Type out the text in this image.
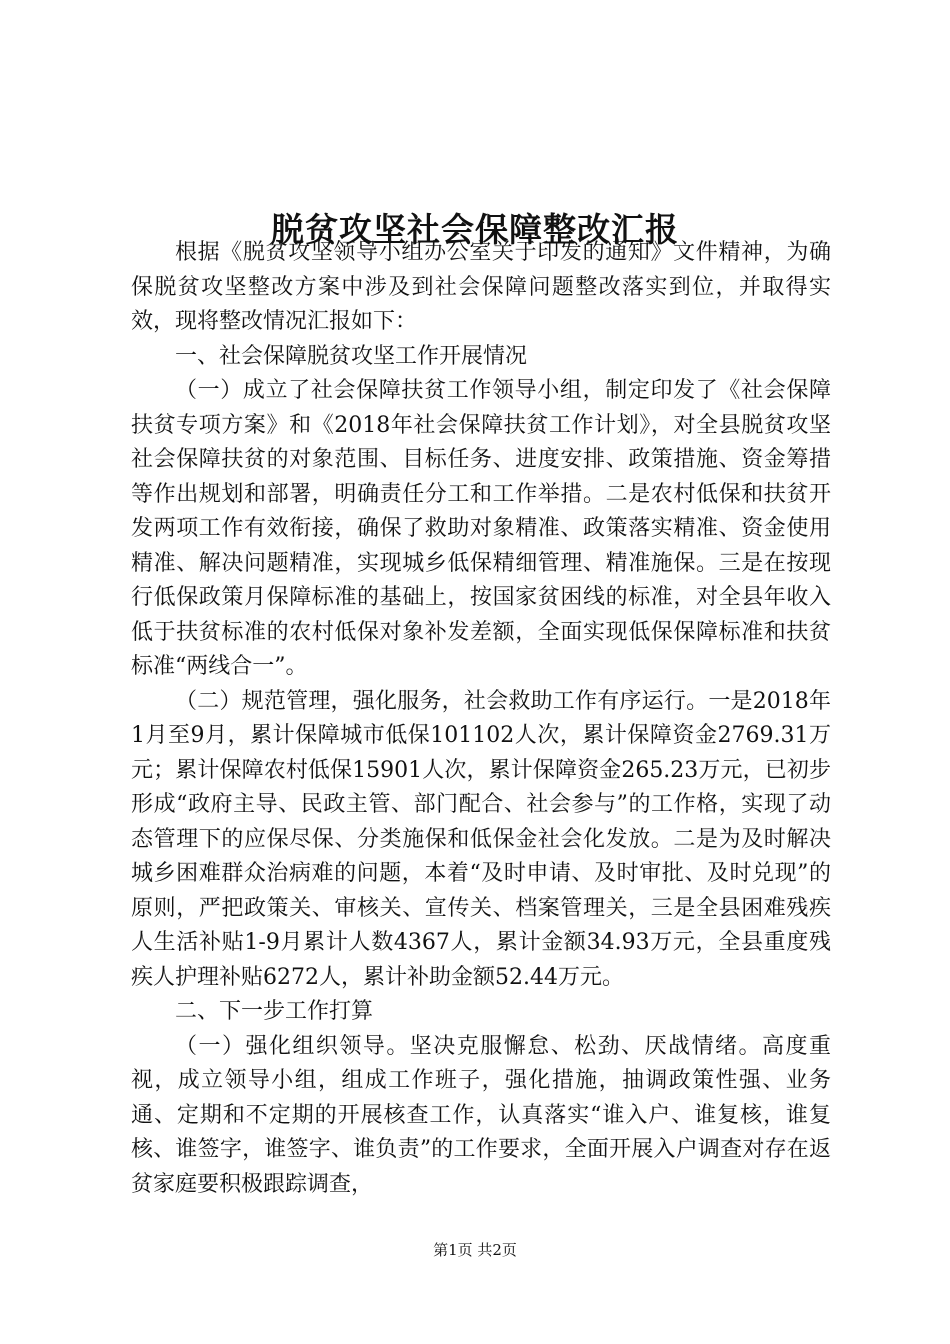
脱贫攻坚社会保障整改汇报

根据《脱贫攻坚领导小组办公室关于印发的通知》文件精神，为确保脱贫攻坚整改方案中涉及到社会保障问题整改落实到位，并取得实效，现将整改情况汇报如下：

一、社会保障脱贫攻坚工作开展情况

（一）成立了社会保障扶贫工作领导小组，制定印发了《社会保障扶贫专项方案》和《2018年社会保障扶贫工作计划》，对全县脱贫攻坚社会保障扶贫的对象范围、目标任务、进度安排、政策措施、资金筹措等作出规划和部署，明确责任分工和工作举措。二是农村低保和扶贫开发两项工作有效衔接，确保了救助对象精准、政策落实精准、资金使用精准、解决问题精准，实现城乡低保精细管理、精准施保。三是在按现行低保政策月保障标准的基础上，按国家贫困线的标准，对全县年收入低于扶贫标准的农村低保对象补发差额，全面实现低保保障标准和扶贫标准“两线合一”。

（二）规范管理，强化服务，社会救助工作有序运行。一是2018年1月至9月，累计保障城市低保101102人次，累计保障资金2769.31万元；累计保障农村低保15901人次，累计保障资金265.23万元，已初步形成“政府主导、民政主管、部门配合、社会参与”的工作格，实现了动态管理下的应保尽保、分类施保和低保金社会化发放。二是为及时解决城乡困难群众治病难的问题，本着“及时申请、及时审批、及时兑现”的原则，严把政策关、审核关、宣传关、档案管理关，三是全县困难残疾人生活补贴1-9月累计人数4367人，累计金额34.93万元，全县重度残疾人护理补贴6272人，累计补助金额52.44万元。

二、下一步工作打算

（一）强化组织领导。坚决克服懈怠、松劲、厌战情绪。高度重视，成立领导小组，组成工作班子，强化措施，抽调政策性强、业务通、定期和不定期的开展核查工作，认真落实“谁入户、谁复核，谁复核、谁签字，谁签字、谁负责”的工作要求，全面开展入户调查对存在返贫家庭要积极跟踪调查，

第1页 共2页
